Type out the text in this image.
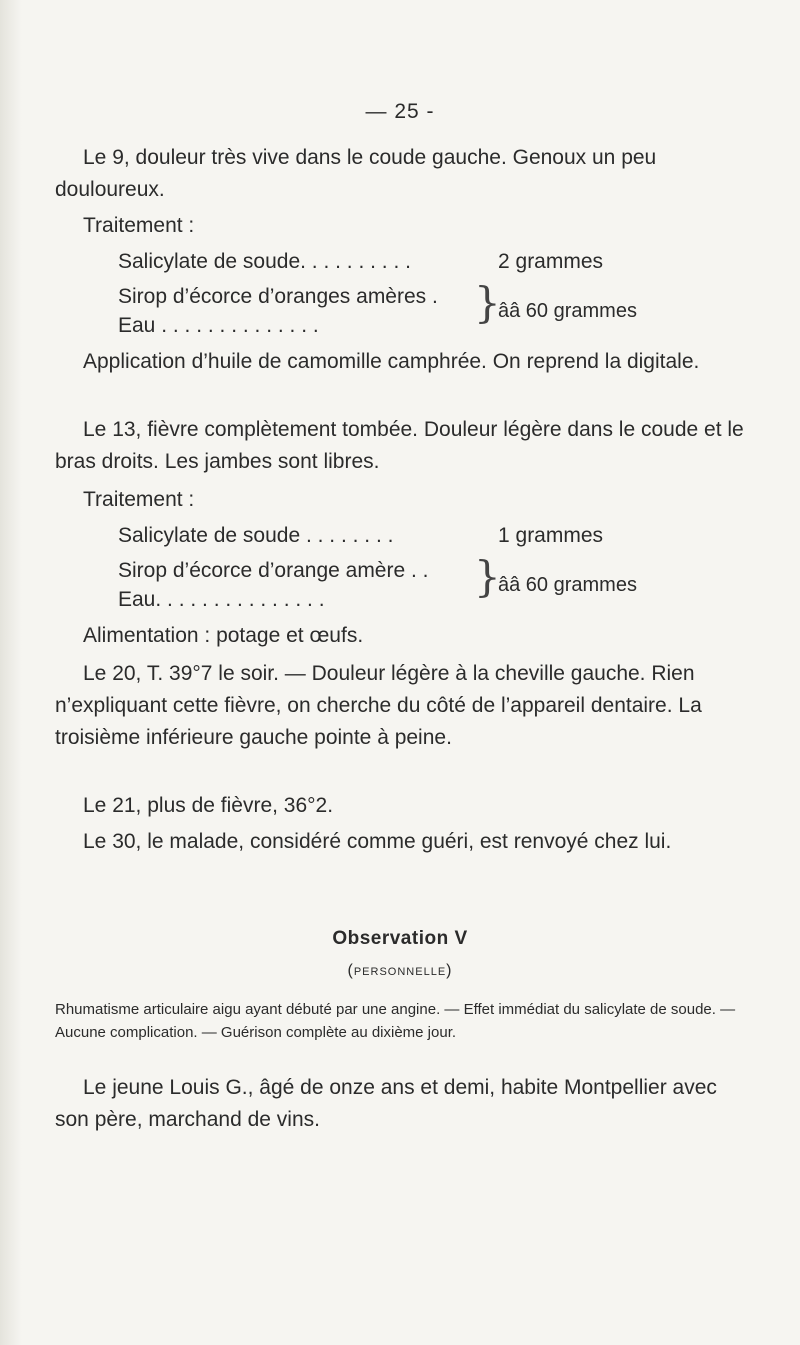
— 25 -

Le 9, douleur très vive dans le coude gauche. Genoux un peu douloureux.

Traitement :
Salicylate de soude. . . . . . . . . .	2 grammes
Sirop d’écorce d’oranges amères .
Eau . . . . . . . . . . . . . .	}
ââ 60 grammes

Application d’huile de camomille camphrée. On reprend la digitale.

Le 13, fièvre complètement tombée. Douleur légère dans le coude et le bras droits. Les jambes sont libres.

Traitement :
Salicylate de soude . . . . . . . .	1 grammes
Sirop d’écorce d’orange amère . .
Eau. . . . . . . . . . . . . . .	}
ââ 60 grammes
Alimentation : potage et œufs.

Le 20, T. 39°7 le soir. — Douleur légère à la cheville gauche. Rien n’expliquant cette fièvre, on cherche du côté de l’appareil dentaire. La troisième inférieure gauche pointe à peine.

Le 21, plus de fièvre, 36°2.

Le 30, le malade, considéré comme guéri, est renvoyé chez lui.

Observation V
(personnelle)

Rhumatisme articulaire aigu ayant débuté par une angine. — Effet immédiat du salicylate de soude. — Aucune complication. — Guérison complète au dixième jour.

Le jeune Louis G., âgé de onze ans et demi, habite Montpellier avec son père, marchand de vins.
